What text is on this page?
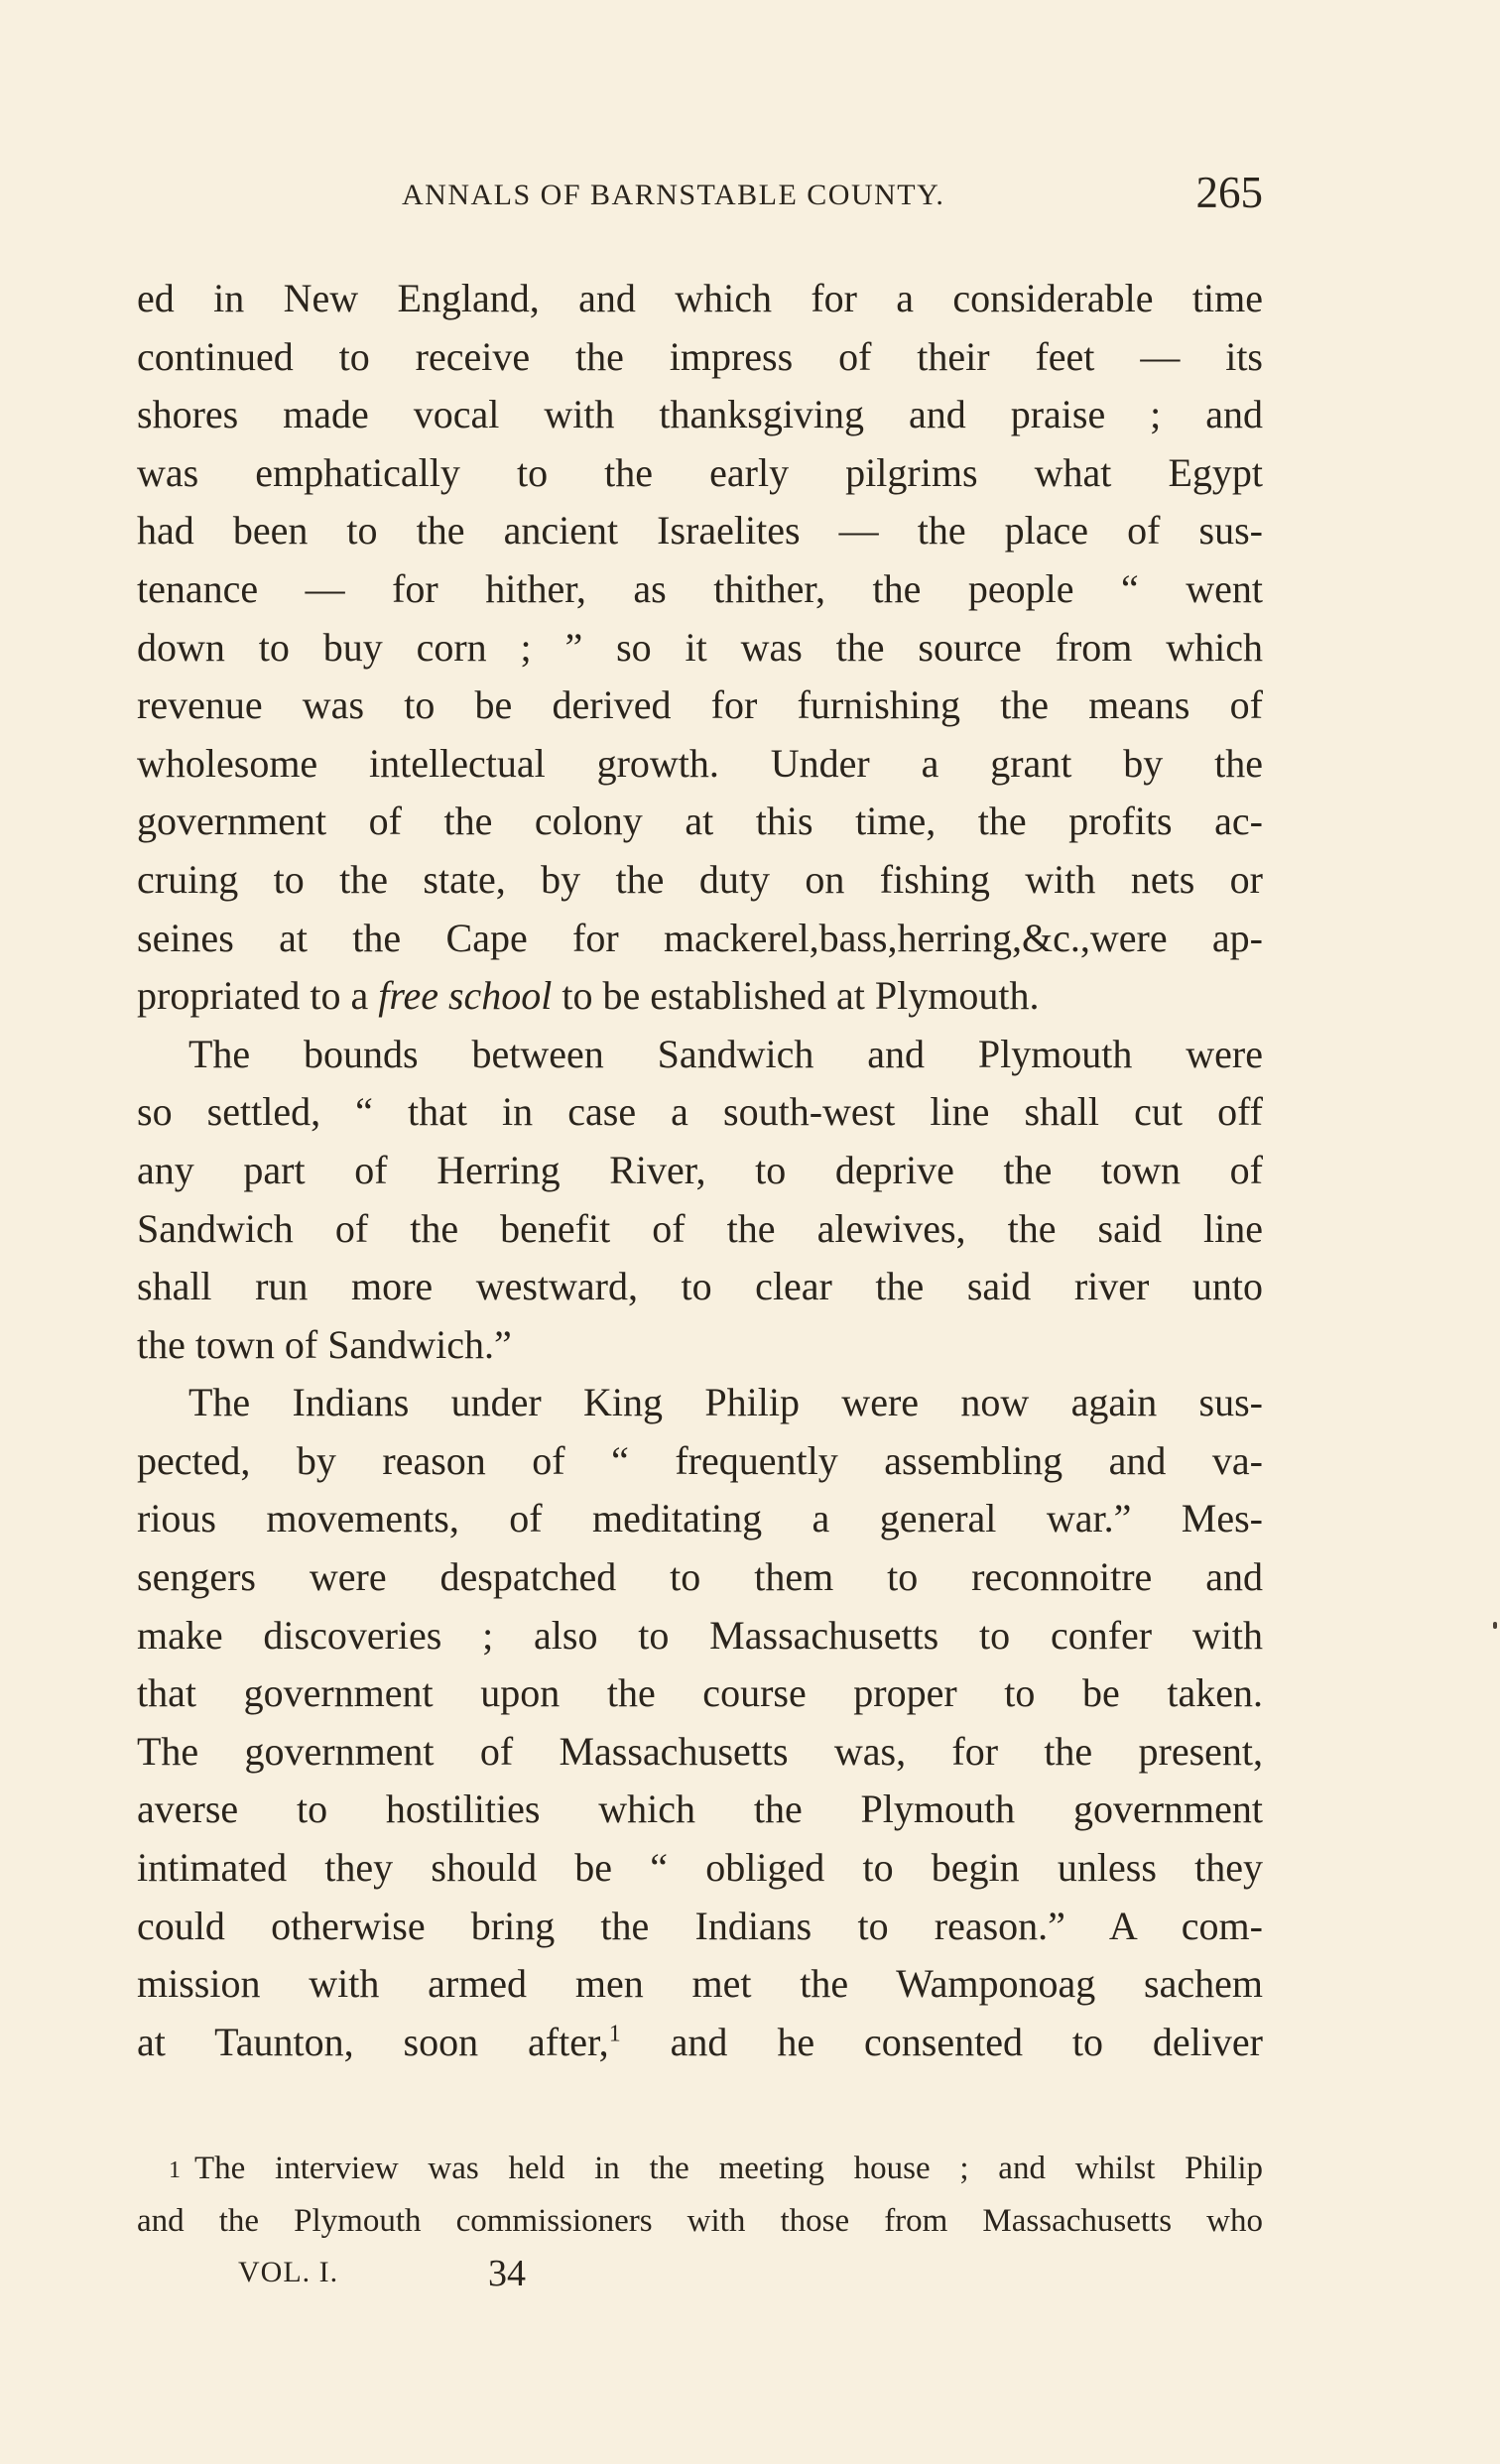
ANNALS OF BARNSTABLE COUNTY.	265
ed in New England, and which for a considerable time
continued to receive the impress of their feet — its
shores made vocal with thanksgiving and praise ; and
was emphatically to the early pilgrims what Egypt
had been to the ancient Israelites — the place of sus-
tenance — for hither, as thither, the people “ went
down to buy corn ; ” so it was the source from which
revenue was to be derived for furnishing the means of
wholesome intellectual growth. Under a grant by the
government of the colony at this time, the profits ac-
cruing to the state, by the duty on fishing with nets or
seines at the Cape for mackerel,bass,herring,&c.,were ap-
propriated to a free school to be established at Plymouth.
The bounds between Sandwich and Plymouth were
so settled, “ that in case a south-west line shall cut off
any part of Herring River, to deprive the town of
Sandwich of the benefit of the alewives, the said line
shall run more westward, to clear the said river unto
the town of Sandwich.”
The Indians under King Philip were now again sus-
pected, by reason of “ frequently assembling and va-
rious movements, of meditating a general war.” Mes-
sengers were despatched to them to reconnoitre and
make discoveries ; also to Massachusetts to confer with
that government upon the course proper to be taken.
The government of Massachusetts was, for the present,
averse to hostilities which the Plymouth government
intimated they should be “ obliged to begin unless they
could otherwise bring the Indians to reason.” A com-
mission with armed men met the Wamponoag sachem
at Taunton, soon after,$^1$ and he consented to deliver
$^1$ The interview was held in the meeting house ; and whilst Philip
and the Plymouth commissioners with those from Massachusetts who
VOL. I.	34
